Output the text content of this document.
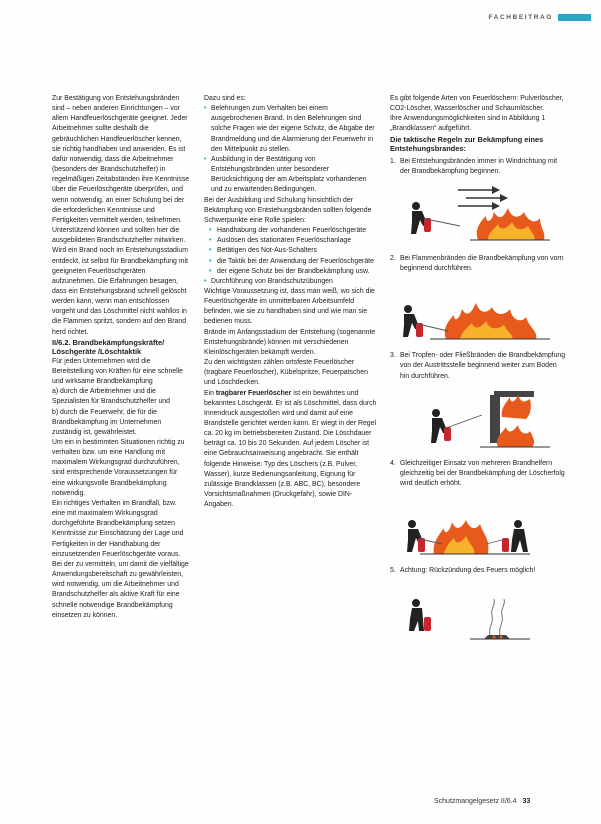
FACHBEITRAG

Zur Bestätigung von Entstehungsbränden sind – neben anderen Einrichtungen – vor allem Handfeuerlöschgeräte geeignet. Jeder Arbeitnehmer sollte deshalb die gebräuchlichen Handfeuerlöscher kennen, sie richtig handhaben und anwenden. Es ist dafür notwendig, dass die Arbeitnehmer (besonders der Brandschutzhelfer) in regelmäßigen Zeitabständen ihre Kenntnisse über die Feuerlöschgeräte überprüfen, und wenn notwendig, an einer Schulung bei der die erforderlichen Kenntnisse und Fertigkeiten vermittelt werden, teilnehmen. Unterstützend können und sollten hier die ausgebildeten Brandschutzhelfer mitwirken.

Wird ein Brand noch im Entstehungsstadium entdeckt, ist selbst für Brandbekämpfung mit geeigneten Feuerlöschgeräten aufzunehmen. Die Erfahrungen besagen, dass ein Entstehungsbrand schnell gelöscht werden kann, wenn man entschlossen vorgeht und das Löschmittel nicht wahllos in die Flammen spritzt, sondern auf den Brand herd richtet.

II/6.2. Brandbekämpfungskräfte/ Löschgeräte /Löschtaktik

Für jeden Unternehmen wird die Bereitstellung von Kräften für eine schnelle und wirksame Brandbekämpfung

a) durch die Arbeitnehmer und die Spezialisten für Brandschutzhelfer und

b) durch die Feuerwehr, die für die Brandbekämpfung im Unternehmen zuständig ist, gewährleistet.

Um ein in bestimmten Situationen richtig zu verhalten bzw. um eine Handlung mit maximalem Wirkungsgrad durchzuführen, sind entsprechende Voraussetzungen für eine wirkungsvolle Brandbekämpfung notwendig.

Ein richtiges Verhalten im Brandfall, bzw. eine mit maximalem Wirkungsgrad durchgeführte Brandbekämpfung setzen Kenntnisse zur Einschätzung der Lage und Fertigkeiten in der Handhabung der einzusetzenden Feuerlöschgeräte voraus. Bei der zu vermitteln, um damit die vielfältige Anwendungsbereitschaft zu gewährleisten, wird notwendig, um die Arbeitnehmer und Brandschutzhelfer als aktive Kraft für eine schnelle notwendige Brandbekämpfung einsetzen zu können.

Dazu sind es:

• Belehrungen zum Verhalten bei einem ausgebrochenen Brand. In den Belehrungen sind solche Fragen wie der eigene Schutz, die Abgabe der Brandmeldung und die Alarmierung der Feuerwehr in den Mittelpunkt zu stellen.
• Ausbildung in der Bestätigung von Entstehungsbränden unter besonderer Berücksichtigung der am Arbeitsplatz vorhandenen und zu erwartenden Bedingungen.

Bei der Ausbildung und Schulung hinsichtlich der Bekämpfung von Entstehungsbränden sollten folgende Schwerpunkte eine Rolle spielen:

• Handhabung der vorhandenen Feuerlöschgeräte
• Auslösen des stationären Feuerlöschanlage
• Betätigen des Not-Aus-Schalters
• die Taktik bei der Anwendung der Feuerlöschgeräte
• der eigene Schutz bei der Brandbekämpfung usw.
• Durchführung von Brandschutzübungen

Wichtige Voraussetzung ist, dass man weiß, wo sich die Feuerlöschgeräte im unmittelbaren Arbeitsumfeld befinden, wie sie zu handhaben sind und wie man sie bedienen muss.

Brände im Anfangsstadium der Entstehung (sogenannte Entstehungsbrände) können mit verschiedenen Kleinlöschgeräten bekämpft werden.

Zu den wichtigsten zählen ortsfeste Feuerlöscher (tragbare Feuerlöscher), Kübelspritze, Feuerpatschen und Löschdecken.

Ein tragbarer Feuerlöscher ist ein bewährtes und bekanntes Löschgerät. Er ist als Löschmittel, dass durch Innendruck ausgestoßen wird und damit auf eine Brandstelle gerichtet werden kann. Er wiegt in der Regel ca. 20 kg im betriebsbereiten Zustand. Die Löschdauer beträgt ca. 10 bis 20 Sekunden. Auf jedem Löscher ist eine Gebrauchsanweisung angebracht. Sie enthält folgende Hinweise: Typ des Löschers (z.B. Pulver, Wasser), kurze Bedienungsanleitung, Eignung für zulässige Brandklassen (z.B. ABC, BC), besondere Vorsichtsmaßnahmen (Druckgefahr), sowie DIN-Angaben.

Es gibt folgende Arten von Feuerlöschern: Pulverlöscher, CO2-Löscher, Wasserlöscher und Schaumlöscher.

Ihre Anwendungsmöglichkeiten sind in Abbildung 1 „Brandklassen“ aufgeführt.

Die taktische Regeln zur Bekämpfung eines Entstehungsbrandes:

1. Bei Entstehungsbränden immer in Windrichtung mit der Brandbekämpfung beginnen.
2. Bei Flammenbränden die Brandbekämpfung von vorn beginnend durchführen.
3. Bei Tropfen- oder Fließbränden die Brandbekämpfung von der Austrittsstelle beginnend weiter zum Boden hin durchführen.
4. Gleichzeitiger Einsatz von mehreren Brandhelfern gleichzeitig bei der Brandbekämpfung der Löscherfolg wird deutlich erhöht.
5. Achtung: Rückzündung des Feuers möglich!
Schutzmangelgesetz II/6.4 33
